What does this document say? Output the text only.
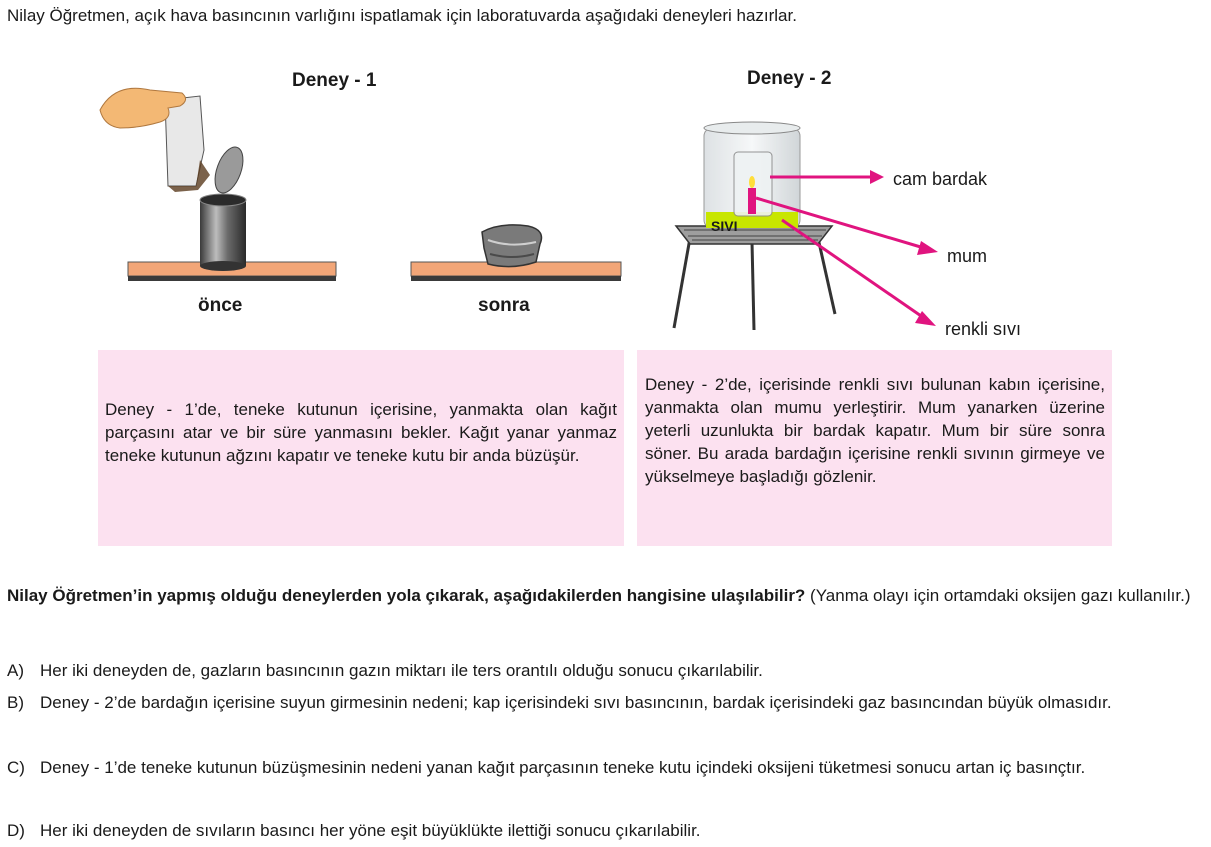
Nilay Öğretmen, açık hava basıncının varlığını ispatlamak için laboratuvarda aşağıdaki deneyleri hazırlar.
Deney - 1	Deney - 2
SIVI
cam bardak
mum
renkli sıvı
önce	sonra
Deney - 1’de, teneke kutunun içerisine, yanmakta olan kağıt parçasını atar ve bir süre yanmasını bekler. Kağıt yanar yanmaz teneke kutunun ağzını kapatır ve teneke kutu bir anda büzüşür.
Deney - 2’de, içerisinde renkli sıvı bulunan kabın içerisine, yanmakta olan mumu yerleştirir. Mum yanarken üzerine yeterli uzunlukta bir bardak kapatır. Mum bir süre sonra söner. Bu arada bardağın içerisine renkli sıvının girmeye ve yükselmeye başladığı gözlenir.
Nilay Öğretmen’in yapmış olduğu deneylerden yola çıkarak, aşağıdakilerden hangisine ulaşılabilir? (Yanma olayı için ortamdaki oksijen gazı kullanılır.)
A) Her iki deneyden de, gazların basıncının gazın miktarı ile ters orantılı olduğu sonucu çıkarılabilir.
B) Deney - 2’de bardağın içerisine suyun girmesinin nedeni; kap içerisindeki sıvı basıncının, bardak içerisindeki gaz basıncından büyük olmasıdır.
C) Deney - 1’de teneke kutunun büzüşmesinin nedeni yanan kağıt parçasının teneke kutu içindeki oksijeni tüketmesi sonucu artan iç basınçtır.
D) Her iki deneyden de sıvıların basıncı her yöne eşit büyüklükte ilettiği sonucu çıkarılabilir.
